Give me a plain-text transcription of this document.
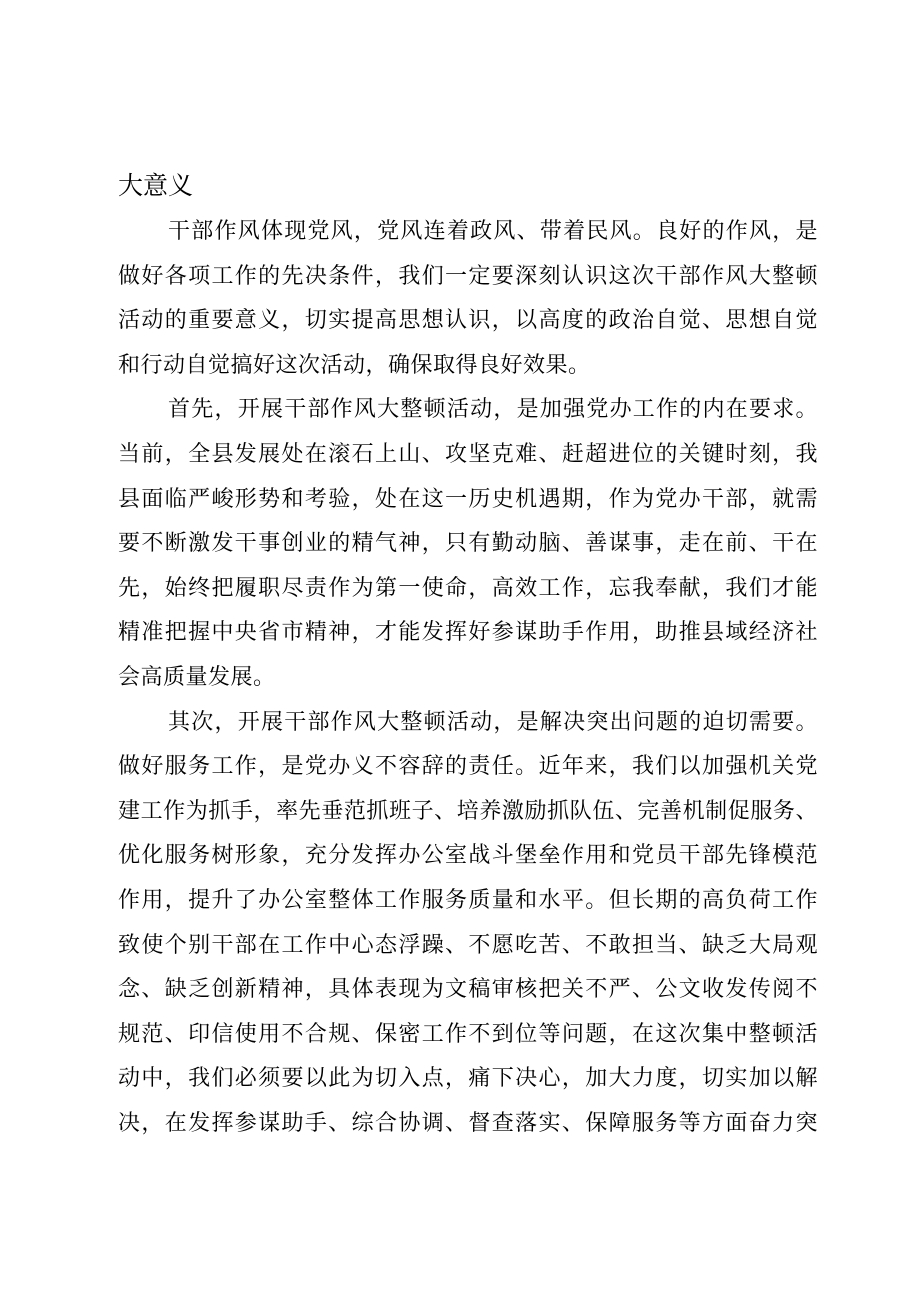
大意义
干部作风体现党风，党风连着政风、带着民风。良好的作风，是
做好各项工作的先决条件，我们一定要深刻认识这次干部作风大整顿
活动的重要意义，切实提高思想认识，以高度的政治自觉、思想自觉
和行动自觉搞好这次活动，确保取得良好效果。
首先，开展干部作风大整顿活动，是加强党办工作的内在要求。
当前，全县发展处在滚石上山、攻坚克难、赶超进位的关键时刻，我
县面临严峻形势和考验，处在这一历史机遇期，作为党办干部，就需
要不断激发干事创业的精气神，只有勤动脑、善谋事，走在前、干在
先，始终把履职尽责作为第一使命，高效工作，忘我奉献，我们才能
精准把握中央省市精神，才能发挥好参谋助手作用，助推县域经济社
会高质量发展。
其次，开展干部作风大整顿活动，是解决突出问题的迫切需要。
做好服务工作，是党办义不容辞的责任。近年来，我们以加强机关党
建工作为抓手，率先垂范抓班子、培养激励抓队伍、完善机制促服务、
优化服务树形象，充分发挥办公室战斗堡垒作用和党员干部先锋模范
作用，提升了办公室整体工作服务质量和水平。但长期的高负荷工作
致使个别干部在工作中心态浮躁、不愿吃苦、不敢担当、缺乏大局观
念、缺乏创新精神，具体表现为文稿审核把关不严、公文收发传阅不
规范、印信使用不合规、保密工作不到位等问题，在这次集中整顿活
动中，我们必须要以此为切入点，痛下决心，加大力度，切实加以解
决，在发挥参谋助手、综合协调、督查落实、保障服务等方面奋力突
